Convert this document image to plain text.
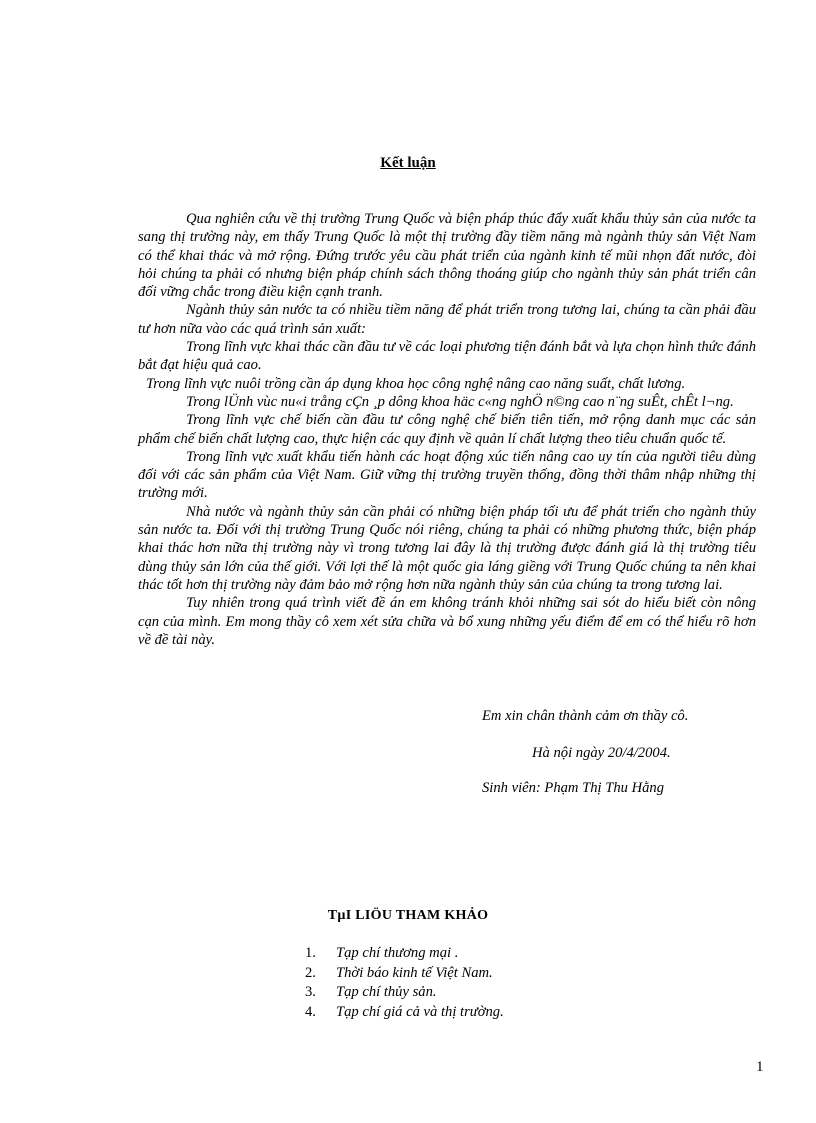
Kết luận

Qua nghiên cứu về thị trường Trung Quốc và biện pháp thúc đẩy xuất khẩu thủy sản của nước ta sang thị trường này, em thấy Trung Quốc là một thị trường đầy tiềm năng mà ngành thủy sản Việt Nam có thể khai thác và mở rộng. Đứng trước yêu cầu phát triển của ngành kinh tế mũi nhọn đất nước, đòi hỏi chúng ta phải có nhưng biện pháp chính sách thông thoáng giúp cho ngành thủy sản phát triển cân đối vững chắc trong điều kiện cạnh tranh.

Ngành thủy sản nước ta có nhiều tiềm năng để phát triển trong tương lai, chúng ta cần phải đầu tư hơn nữa vào các quá trình sản xuất:

Trong lĩnh vực khai thác cần đầu tư về các loại phương tiện đánh bắt và lựa chọn hình thức đánh bắt đạt hiệu quả cao.

Trong lĩnh vực nuôi trồng cần áp dụng khoa học công nghệ nâng cao năng suất, chất lương.

Trong lÜnh vùc nu«i trång cÇn ¸p dông khoa häc c«ng nghÖ n©ng cao n¨ng suÊt, chÊt l¬ng.

Trong lĩnh vực chế biến cần đầu tư công nghệ chế biến tiên tiến, mở rộng danh mục các sản phẩm chế biến chất lượng cao, thực hiện các quy định về quản lí chất lượng theo tiêu chuẩn quốc tế.

Trong lĩnh vực xuất khẩu tiến hành các hoạt động xúc tiến nâng cao uy tín của người tiêu dùng đối với các sản phẩm của Việt Nam. Giữ vững thị trường truyền thống, đồng thời thâm nhập những thị trường mới.

Nhà nước và ngành thủy sản cần phải có những biện pháp tối ưu để phát triển cho ngành thủy sản nước ta. Đối với thị trường Trung Quốc nói riêng, chúng ta phải có những phương thức, biện pháp khai thác hơn nữa thị trường này vì trong tương lai đây là thị trường được đánh giá là thị trường tiêu dùng thủy sản lớn của thế giới. Với lợi thế là một quốc gia láng giềng với Trung Quốc chúng ta nên khai thác tốt hơn thị trường này đảm bảo mở rộng hơn nữa ngành thủy sản của chúng ta trong tương lai.

Tuy nhiên trong quá trình viết đề án em không tránh khỏi những sai sót do hiểu biết còn nông cạn của mình. Em mong thầy cô xem xét sửa chữa và bổ xung những yếu điểm để em có thể hiểu rõ hơn về đề tài này.

Em xin chân thành cảm ơn thầy cô.
Hà nội ngày 20/4/2004.
Sinh viên: Phạm Thị Thu Hằng
TµI LIÖU THAM KHẢO
1. Tạp chí thương mại .
2. Thời báo kinh tế Việt Nam.
3. Tạp chí thủy sản.
4. Tạp chí giá cả và thị trường.
1
